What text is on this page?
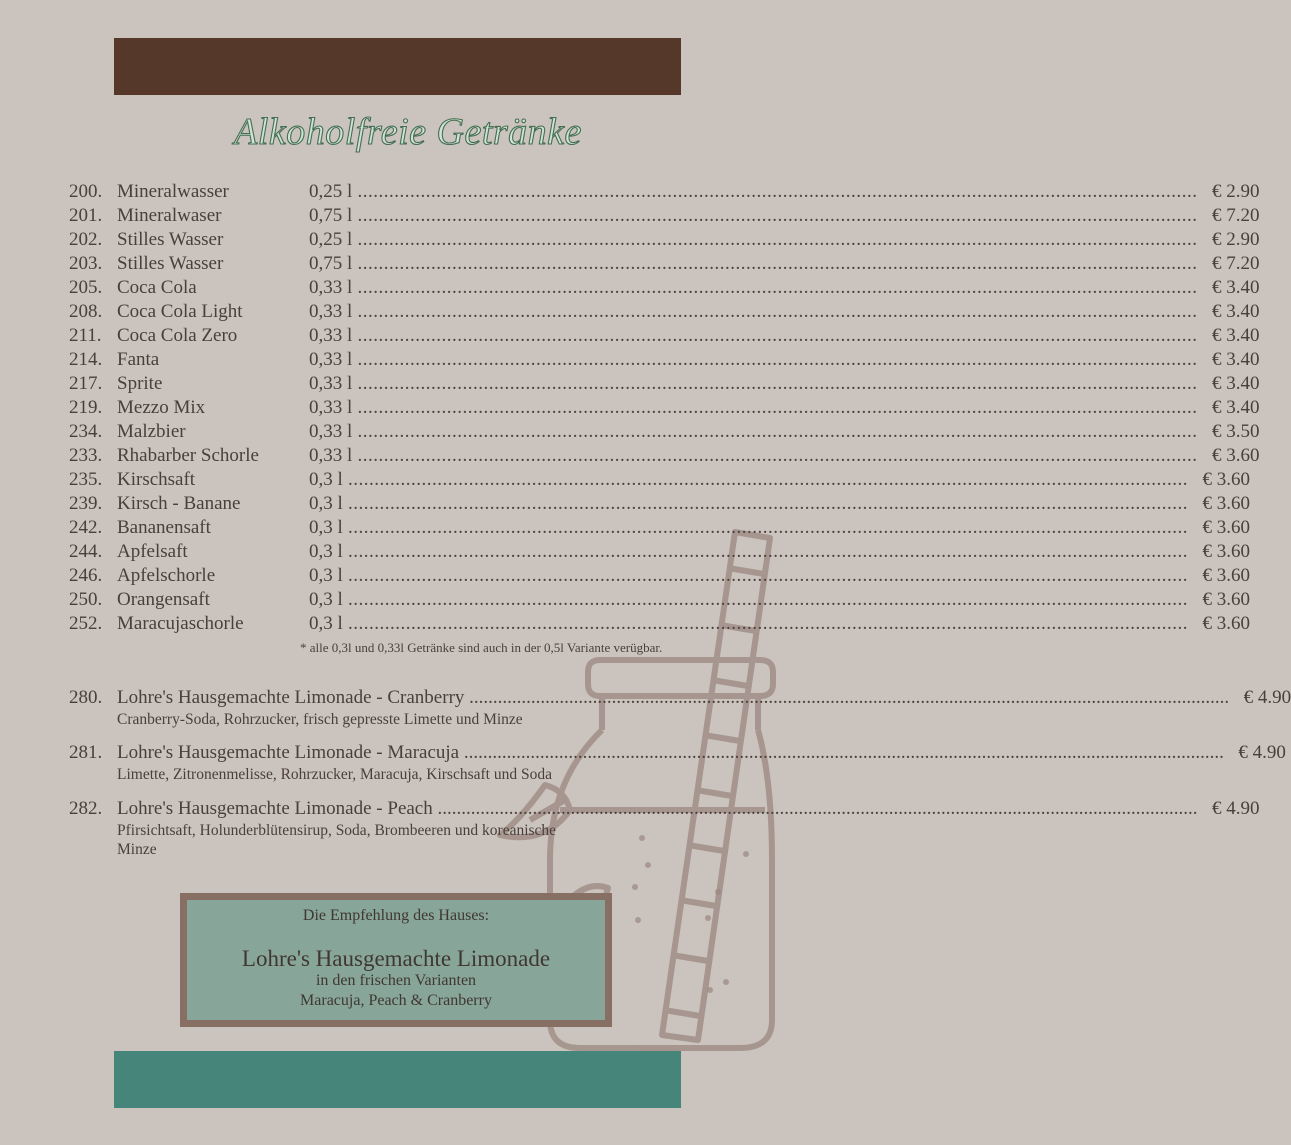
Alkoholfreie Getränke
200. Mineralwasser	0,25 l ................................................................................................................................................................ € 2.90
201. Mineralwaser	0,75 l ................................................................................................................................................................ € 7.20
202. Stilles Wasser	0,25 l ................................................................................................................................................................ € 2.90
203. Stilles Wasser	0,75 l ................................................................................................................................................................ € 7.20
205. Coca Cola	0,33 l ................................................................................................................................................................ € 3.40
208. Coca Cola Light	0,33 l ................................................................................................................................................................ € 3.40
211. Coca Cola Zero	0,33 l ................................................................................................................................................................ € 3.40
214. Fanta	0,33 l ................................................................................................................................................................ € 3.40
217. Sprite	0,33 l ................................................................................................................................................................ € 3.40
219. Mezzo Mix	0,33 l ................................................................................................................................................................ € 3.40
234. Malzbier	0,33 l ................................................................................................................................................................ € 3.50
233. Rhabarber Schorle	0,33 l ................................................................................................................................................................ € 3.60
235. Kirschsaft	0,3 l ................................................................................................................................................................ € 3.60
239. Kirsch - Banane	0,3 l ................................................................................................................................................................ € 3.60
242. Bananensaft	0,3 l ................................................................................................................................................................ € 3.60
244. Apfelsaft	0,3 l ................................................................................................................................................................ € 3.60
246. Apfelschorle	0,3 l ................................................................................................................................................................ € 3.60
250. Orangensaft	0,3 l ................................................................................................................................................................ € 3.60
252. Maracujaschorle	0,3 l ................................................................................................................................................................ € 3.60
* alle 0,3l und 0,33l Getränke sind auch in der 0,5l Variante verügbar.
280. Lohre's Hausgemachte Limonade - Cranberry ................................................................................................................................................................ € 4.90
Cranberry-Soda, Rohrzucker, frisch gepresste Limette und Minze
281. Lohre's Hausgemachte Limonade - Maracuja ................................................................................................................................................................ € 4.90
Limette, Zitronenmelisse, Rohrzucker, Maracuja, Kirschsaft und Soda
282. Lohre's Hausgemachte Limonade - Peach ................................................................................................................................................................ € 4.90
Pfirsichtsaft, Holunderblütensirup, Soda, Brombeeren und koreanische Minze
Die Empfehlung des Hauses:
Lohre's Hausgemachte Limonade
in den frischen Varianten
Maracuja, Peach & Cranberry
